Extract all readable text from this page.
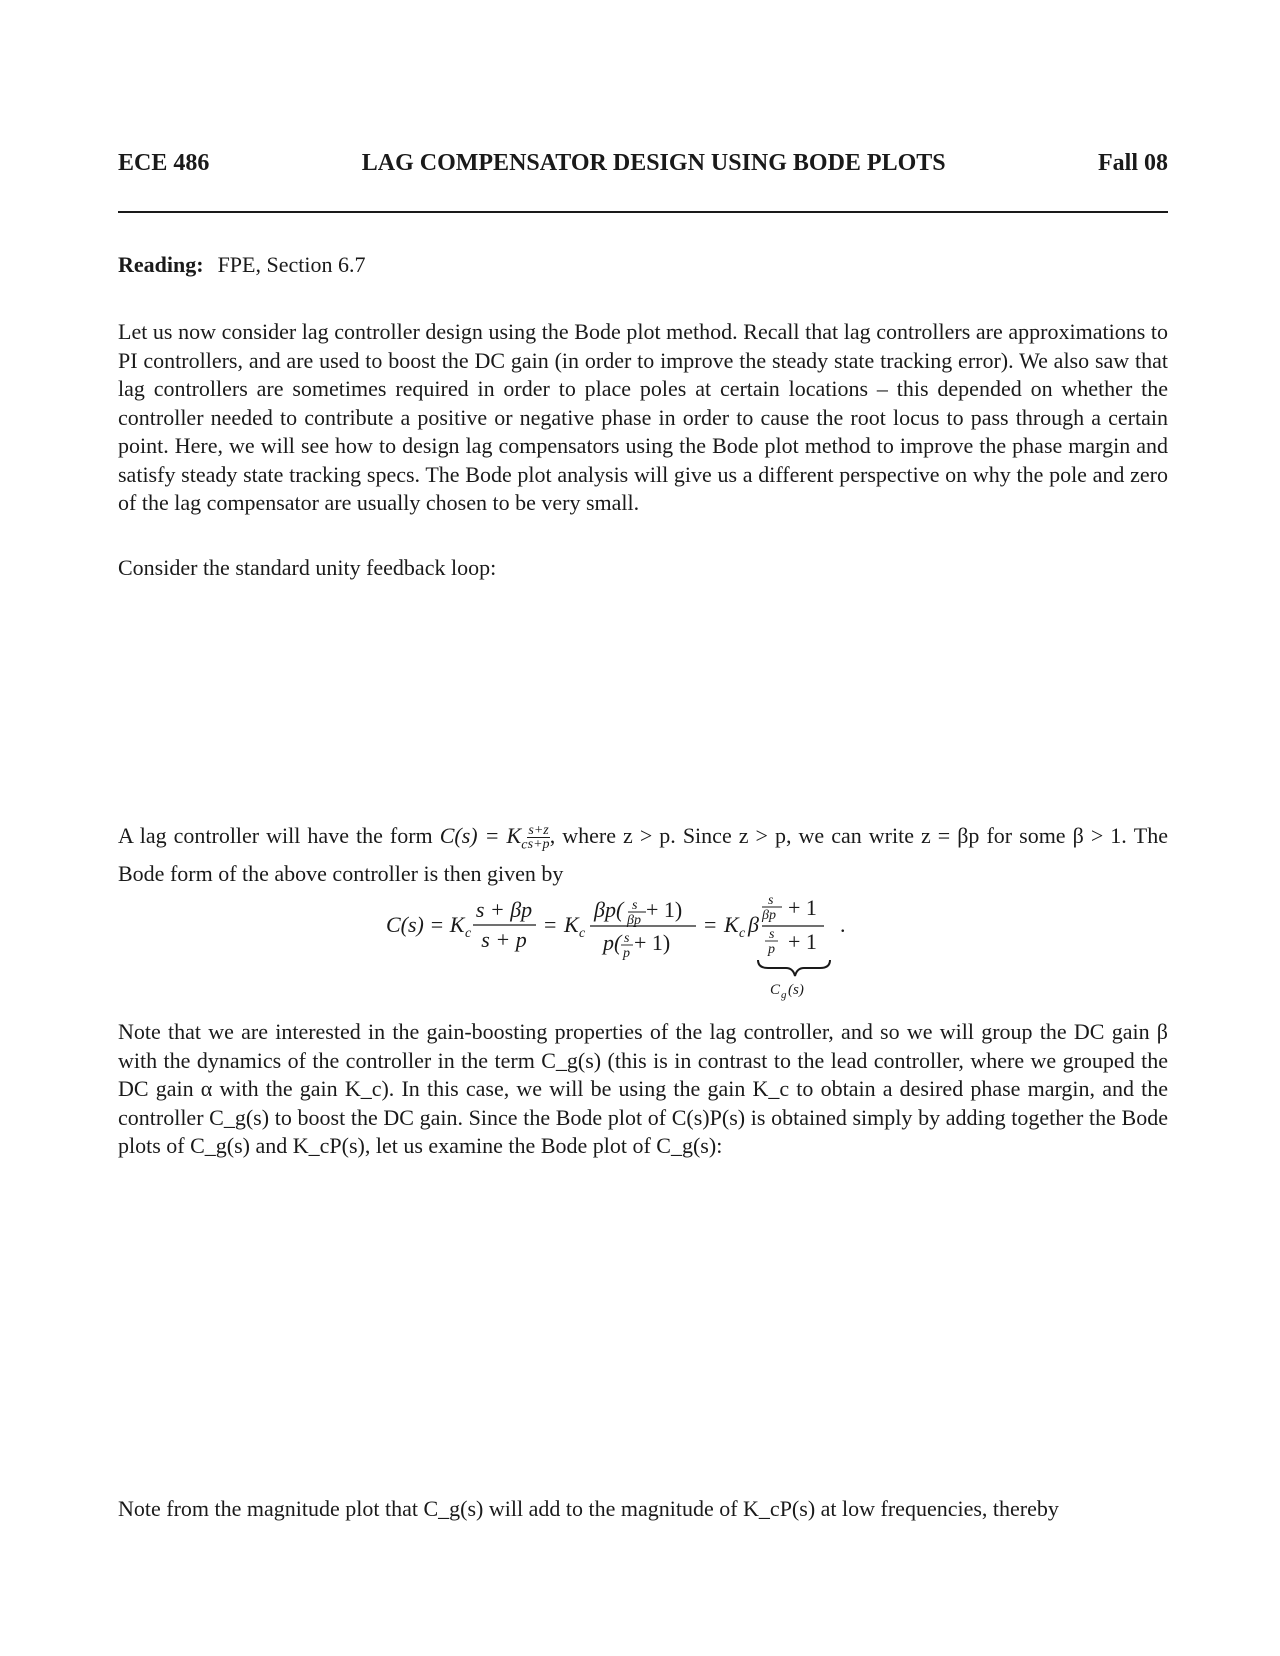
ECE 486	LAG COMPENSATOR DESIGN USING BODE PLOTS	Fall 08
Reading: FPE, Section 6.7

Let us now consider lag controller design using the Bode plot method. Recall that lag controllers are approximations to PI controllers, and are used to boost the DC gain (in order to improve the steady state tracking error). We also saw that lag controllers are sometimes required in order to place poles at certain locations – this depended on whether the controller needed to contribute a positive or negative phase in order to cause the root locus to pass through a certain point. Here, we will see how to design lag compensators using the Bode plot method to improve the phase margin and satisfy steady state tracking specs. The Bode plot analysis will give us a different perspective on why the pole and zero of the lag compensator are usually chosen to be very small.

Consider the standard unity feedback loop:

A lag controller will have the form $C(s) = K_c \frac{s+z}{s+p}$ , where z > p. Since z > p, we can write z = βp for some β > 1. The Bode form of the above controller is then given by

C(s) = K c
s + βp
s + p
= K c
βp( s
βp + 1)
p( s
p + 1)
= K c β
s
βp + 1
s
p + 1
.
C g (s)

Note that we are interested in the gain-boosting properties of the lag controller, and so we will group the DC gain β with the dynamics of the controller in the term C_g(s) (this is in contrast to the lead controller, where we grouped the DC gain α with the gain K_c). In this case, we will be using the gain K_c to obtain a desired phase margin, and the controller C_g(s) to boost the DC gain. Since the Bode plot of C(s)P(s) is obtained simply by adding together the Bode plots of C_g(s) and K_cP(s), let us examine the Bode plot of C_g(s):

Note from the magnitude plot that C_g(s) will add to the magnitude of K_cP(s) at low frequencies, thereby
